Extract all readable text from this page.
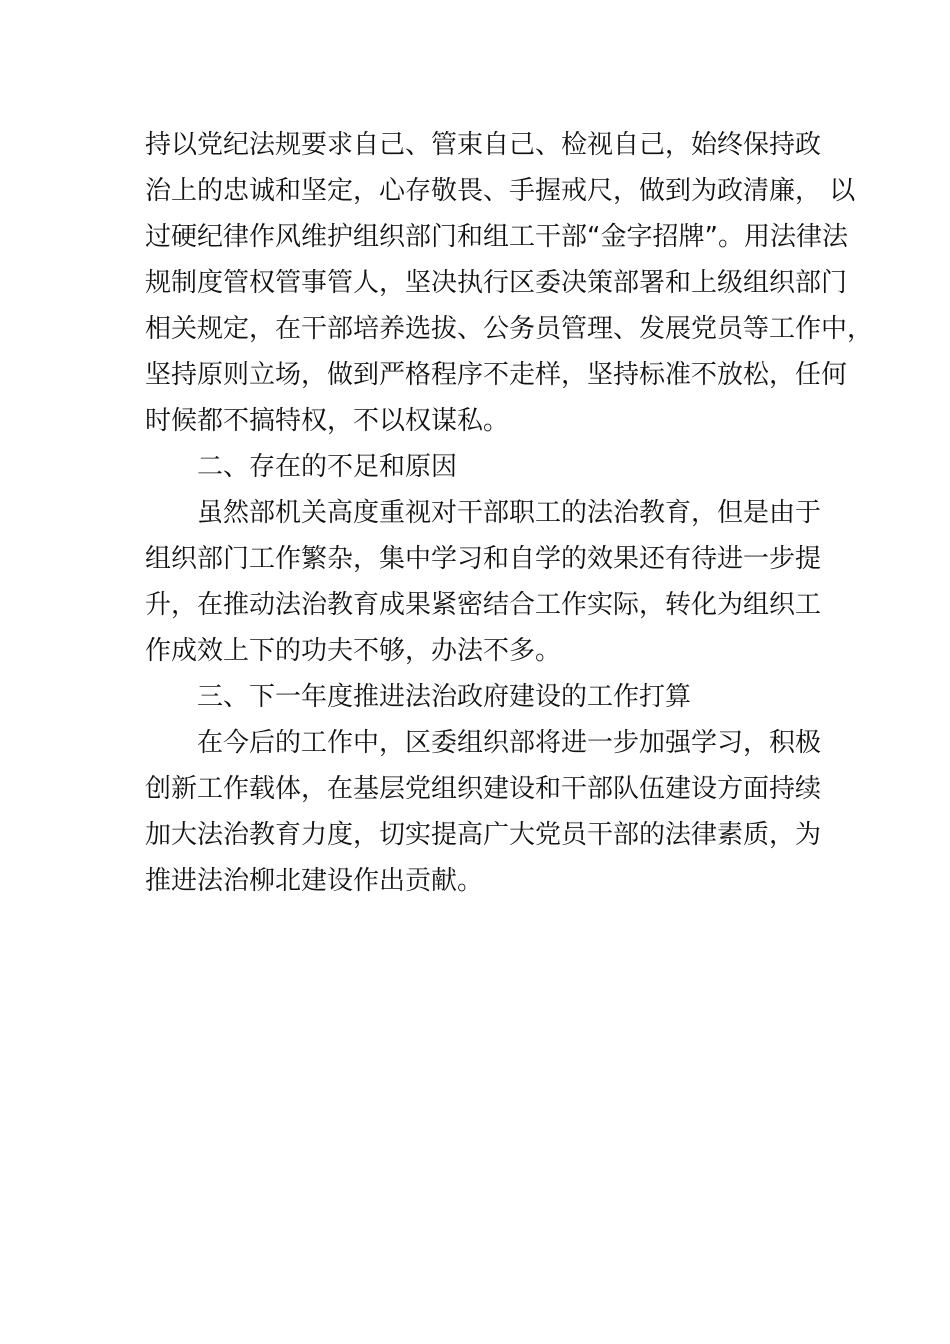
持以党纪法规要求自己、管束自己、检视自己，始终保持政
治上的忠诚和坚定，心存敬畏、手握戒尺，做到为政清廉， 以
过硬纪律作风维护组织部门和组工干部“金字招牌”。用法律法
规制度管权管事管人，坚决执行区委决策部署和上级组织部门
相关规定，在干部培养选拔、公务员管理、发展党员等工作中，
坚持原则立场，做到严格程序不走样，坚持标准不放松，任何
时候都不搞特权，不以权谋私。
二、存在的不足和原因
虽然部机关高度重视对干部职工的法治教育，但是由于
组织部门工作繁杂，集中学习和自学的效果还有待进一步提
升，在推动法治教育成果紧密结合工作实际，转化为组织工
作成效上下的功夫不够，办法不多。
三、下一年度推进法治政府建设的工作打算
在今后的工作中，区委组织部将进一步加强学习，积极
创新工作载体，在基层党组织建设和干部队伍建设方面持续
加大法治教育力度，切实提高广大党员干部的法律素质，为
推进法治柳北建设作出贡献。
